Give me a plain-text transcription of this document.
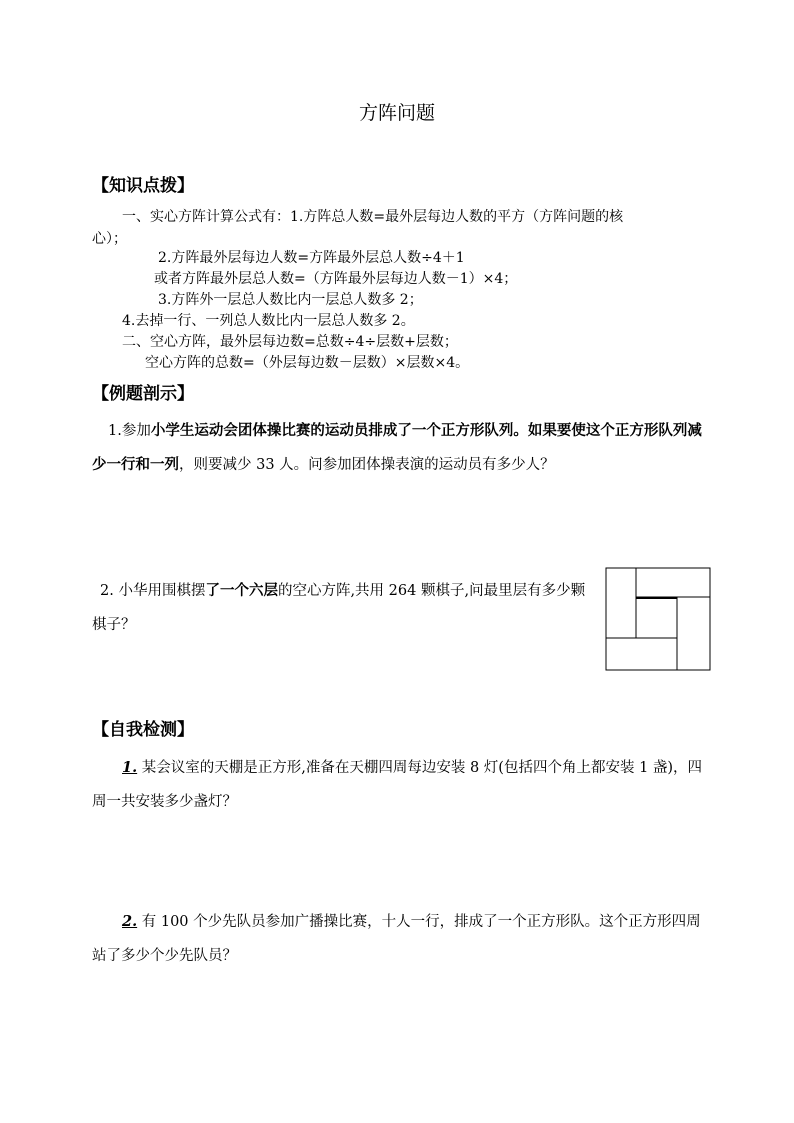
方阵问题
【知识点拨】
一、实心方阵计算公式有：1.方阵总人数=最外层每边人数的平方（方阵问题的核
心）；
2.方阵最外层每边人数=方阵最外层总人数÷4＋1
或者方阵最外层总人数=（方阵最外层每边人数－1）×4；
3.方阵外一层总人数比内一层总人数多 2；
4.去掉一行、一列总人数比内一层总人数多 2。
二、空心方阵，最外层每边数=总数÷4÷层数+层数；
空心方阵的总数=（外层每边数－层数）×层数×4。
【例题剖示】
1.参加小学生运动会团体操比赛的运动员排成了一个正方形队列。如果要使这个正方形队列减少一行和一列，则要减少 33 人。问参加团体操表演的运动员有多少人？
2. 小华用围棋摆了一个六层的空心方阵,共用 264 颗棋子,问最里层有多少颗棋子？
【自我检测】
1. 某会议室的天棚是正方形,准备在天棚四周每边安装 8 灯(包括四个角上都安装 1 盏)，四周一共安装多少盏灯？
2. 有 100 个少先队员参加广播操比赛，十人一行，排成了一个正方形队。这个正方形四周站了多少个少先队员？
